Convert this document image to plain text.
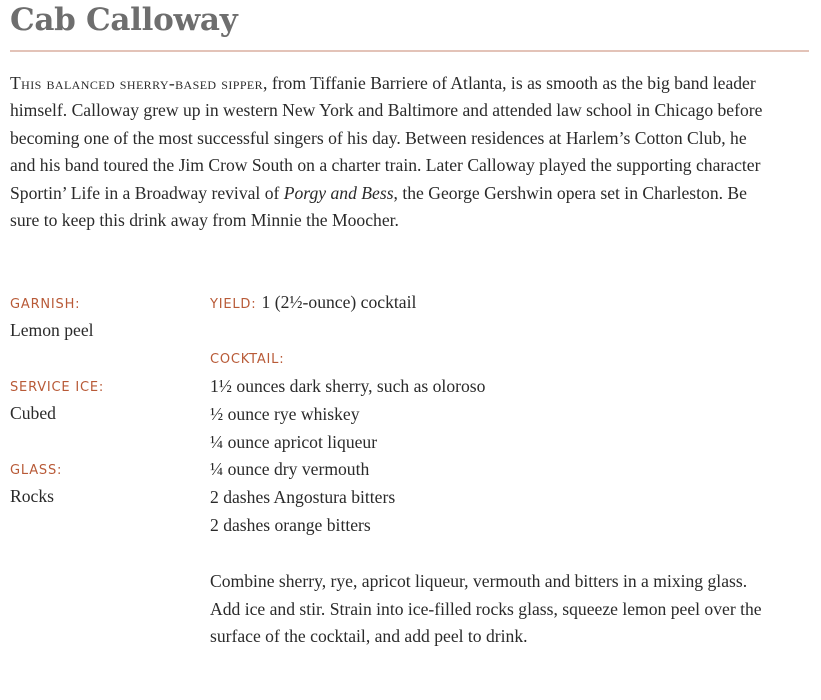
Cab Calloway

This balanced sherry-based sipper, from Tiffanie Barriere of Atlanta, is as smooth as the big band leader himself. Calloway grew up in western New York and Baltimore and attended law school in Chicago before becoming one of the most successful singers of his day. Between residences at Harlem’s Cotton Club, he and his band toured the Jim Crow South on a charter train. Later Calloway played the supporting character Sportin’ Life in a Broadway revival of Porgy and Bess, the George Gershwin opera set in Charleston. Be sure to keep this drink away from Minnie the Moocher.

GARNISH:
Lemon peel
SERVICE ICE:
Cubed
GLASS:
Rocks
YIELD: 1 (2½-ounce) cocktail
COCKTAIL:
1½ ounces dark sherry, such as oloroso
½ ounce rye whiskey
¼ ounce apricot liqueur
¼ ounce dry vermouth
2 dashes Angostura bitters
2 dashes orange bitters

Combine sherry, rye, apricot liqueur, vermouth and bitters in a mixing glass. Add ice and stir. Strain into ice-filled rocks glass, squeeze lemon peel over the surface of the cocktail, and add peel to drink.
